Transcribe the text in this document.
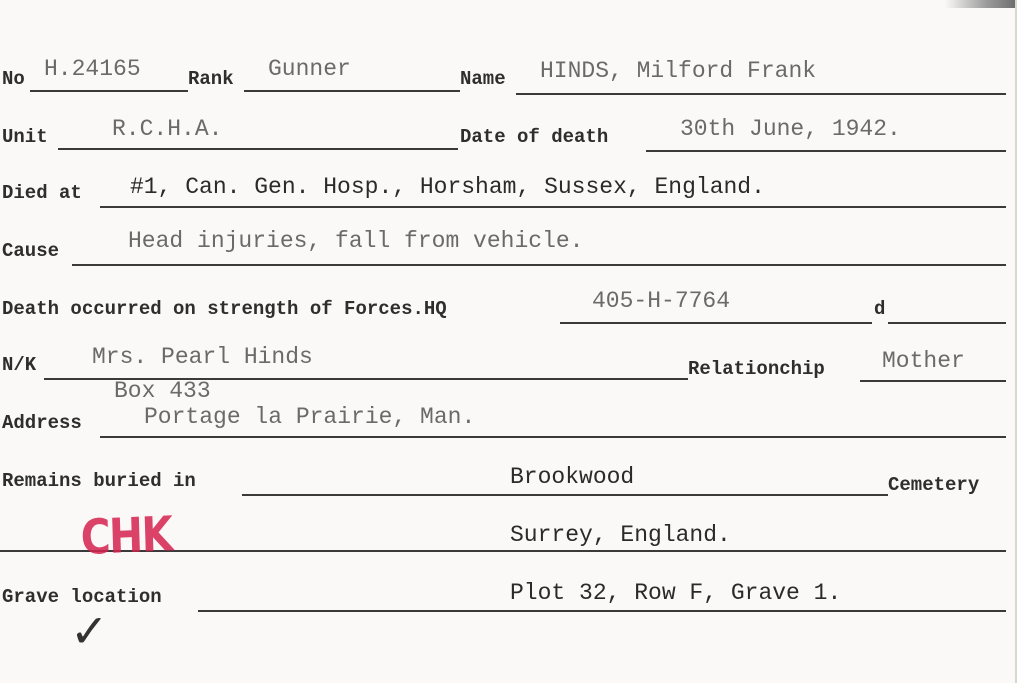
No H.24165 Rank Gunner	Name HINDS, Milford Frank
Unit	R.C.H.A.	Date of death	30th June, 1942.
Died at #1, Can. Gen. Hosp., Horsham, Sussex, England.
Cause	Head injuries, fall from vehicle.
Death occurred on strength of Forces.HQ	405-H-7764	d
N/K Mrs. Pearl Hinds	Relationchip Mother
Box 433
Address	Portage la Prairie, Man.
Remains buried in	Brookwood	Cemetery
Surrey, England.
Grave location	Plot 32, Row F, Grave 1.
CHK
✓
